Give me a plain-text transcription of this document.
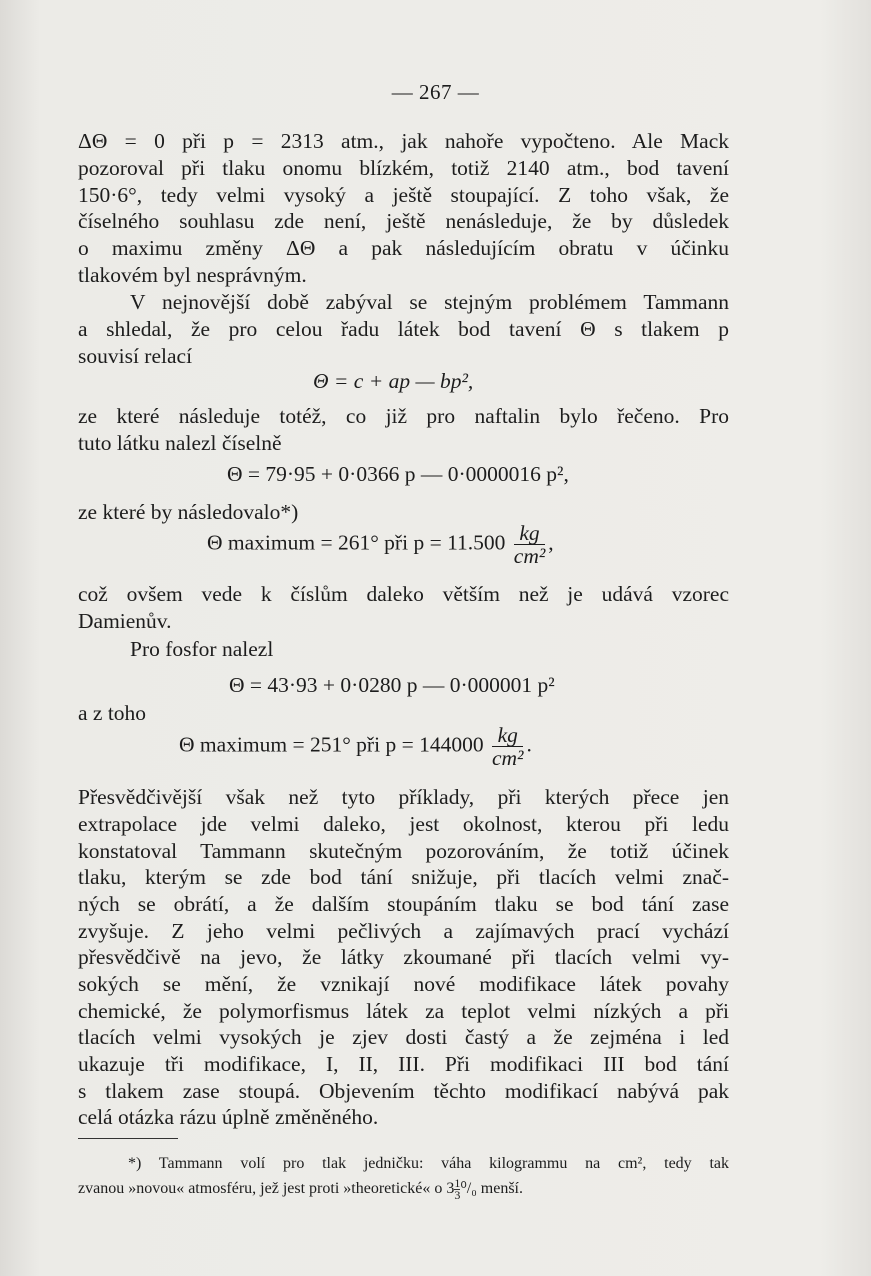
— 267 —
ΔΘ = 0 při p = 2313 atm., jak nahoře vypočteno. Ale Mack
pozoroval při tlaku onomu blízkém, totiž 2140 atm., bod tavení
150·6°, tedy velmi vysoký a ještě stoupající. Z toho však, že
číselného souhlasu zde není, ještě nenásleduje, že by důsledek
o maximu změny ΔΘ a pak následujícím obratu v účinku
tlakovém byl nesprávným.
V nejnovější době zabýval se stejným problémem Tammann
a shledal, že pro celou řadu látek bod tavení Θ s tlakem p
souvisí relací
Θ = c + ap — bp²,
ze které následuje totéž, co již pro naftalin bylo řečeno. Pro
tuto látku nalezl číselně
Θ = 79·95 + 0·0366 p — 0·0000016 p²,
ze které by následovalo*)
Θ maximum = 261° při $p = 11.500 \frac{kg}{\text{cm²}}$ ,
což ovšem vede k číslům daleko větším než je udává vzorec
Damienův.
Pro fosfor nalezl
Θ = 43·93 + 0·0280 p — 0·000001 p²
a z toho
Θ maximum = 251° při $p = 144000 \frac{kg}{\text{cm²}}$ .
Přesvědčivější však než tyto příklady, při kterých přece jen
extrapolace jde velmi daleko, jest okolnost, kterou při ledu
konstatoval Tammann skutečným pozorováním, že totiž účinek
tlaku, kterým se zde bod tání snižuje, při tlacích velmi znač-
ných se obrátí, a že dalším stoupáním tlaku se bod tání zase
zvyšuje. Z jeho velmi pečlivých a zajímavých prací vychází
přesvědčivě na jevo, že látky zkoumané při tlacích velmi vy-
sokých se mění, že vznikají nové modifikace látek povahy
chemické, že polymorfismus látek za teplot velmi nízkých a při
tlacích velmi vysokých je zjev dosti častý a že zejména i led
ukazuje tři modifikace, I, II, III. Při modifikaci III bod tání
s tlakem zase stoupá. Objevením těchto modifikací nabývá pak
celá otázka rázu úplně změněného.
*) Tammann volí pro tlak jedničku: váha kilogrammu na cm², tedy tak
zvanou »novou« atmosféru, jež jest proti »theoretické« o $3 \frac{1}{3} ^0/_0$ menší.
